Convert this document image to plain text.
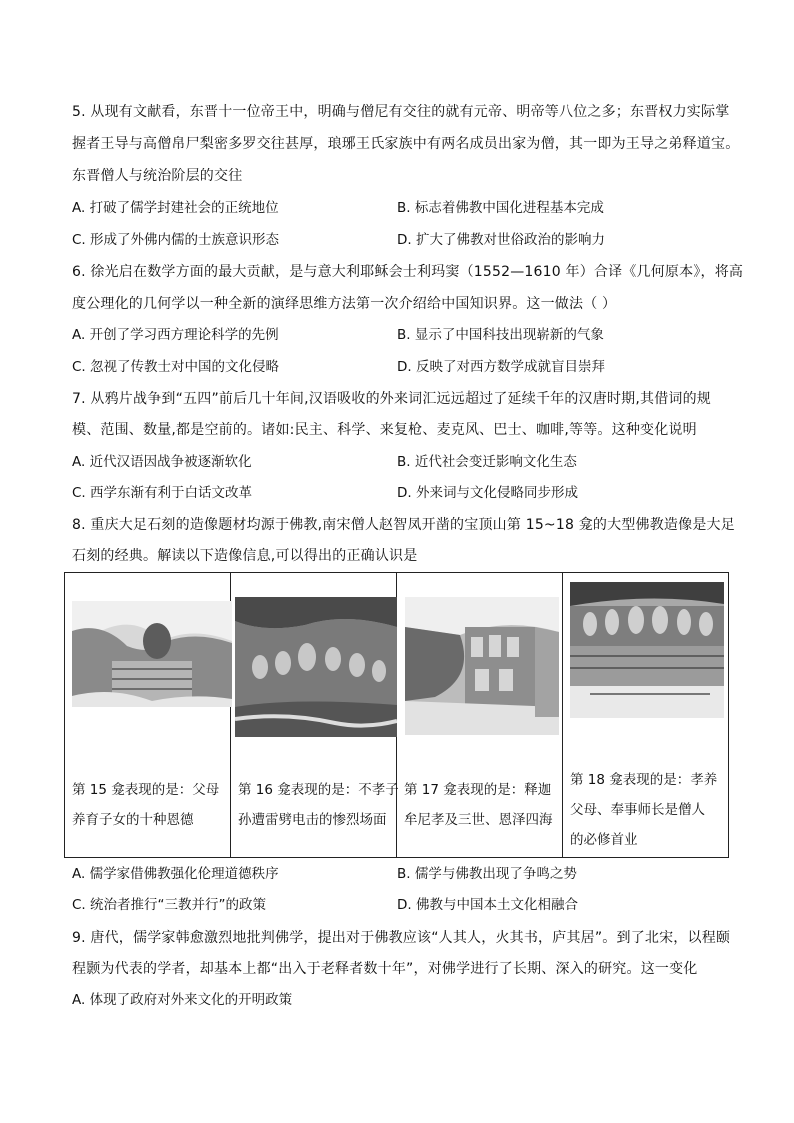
5. 从现有文献看，东晋十一位帝王中，明确与僧尼有交往的就有元帝、明帝等八位之多；东晋权力实际掌
握者王导与高僧帛尸梨密多罗交往甚厚，琅琊王氏家族中有两名成员出家为僧，其一即为王导之弟释道宝。
东晋僧人与统治阶层的交往
A. 打破了儒学封建社会的正统地位	B. 标志着佛教中国化进程基本完成
C. 形成了外佛内儒的士族意识形态	D. 扩大了佛教对世俗政治的影响力
6. 徐光启在数学方面的最大贡献，是与意大利耶稣会士利玛窦（1552—1610 年）合译《几何原本》，将高
度公理化的几何学以一种全新的演绎思维方法第一次介绍给中国知识界。这一做法（ ）
A. 开创了学习西方理论科学的先例	B. 显示了中国科技出现崭新的气象
C. 忽视了传教士对中国的文化侵略	D. 反映了对西方数学成就盲目崇拜
7. 从鸦片战争到“五四”前后几十年间,汉语吸收的外来词汇远远超过了延续千年的汉唐时期,其借词的规
模、范围、数量,都是空前的。诸如:民主、科学、来复枪、麦克风、巴士、咖啡,等等。这种变化说明
A. 近代汉语因战争被逐渐软化	B. 近代社会变迁影响文化生态
C. 西学东渐有利于白话文改革	D. 外来词与文化侵略同步形成
8. 重庆大足石刻的造像题材均源于佛教,南宋僧人赵智凤开凿的宝顶山第 15~18 龛的大型佛教造像是大足
石刻的经典。解读以下造像信息,可以得出的正确认识是
第 15 龛表现的是：父母
养育子女的十种恩德

第 16 龛表现的是：不孝子
孙遭雷劈电击的惨烈场面

第 17 龛表现的是：释迦
牟尼孝及三世、恩泽四海

第 18 龛表现的是：孝养
父母、奉事师长是僧人
的必修首业
A. 儒学家借佛教强化伦理道德秩序	B. 儒学与佛教出现了争鸣之势
C. 统治者推行“三教并行”的政策	D. 佛教与中国本土文化相融合
9. 唐代，儒学家韩愈激烈地批判佛学，提出对于佛教应该“人其人，火其书，庐其居”。到了北宋，以程颐
程颢为代表的学者，却基本上都“出入于老释者数十年”，对佛学进行了长期、深入的研究。这一变化
A. 体现了政府对外来文化的开明政策
